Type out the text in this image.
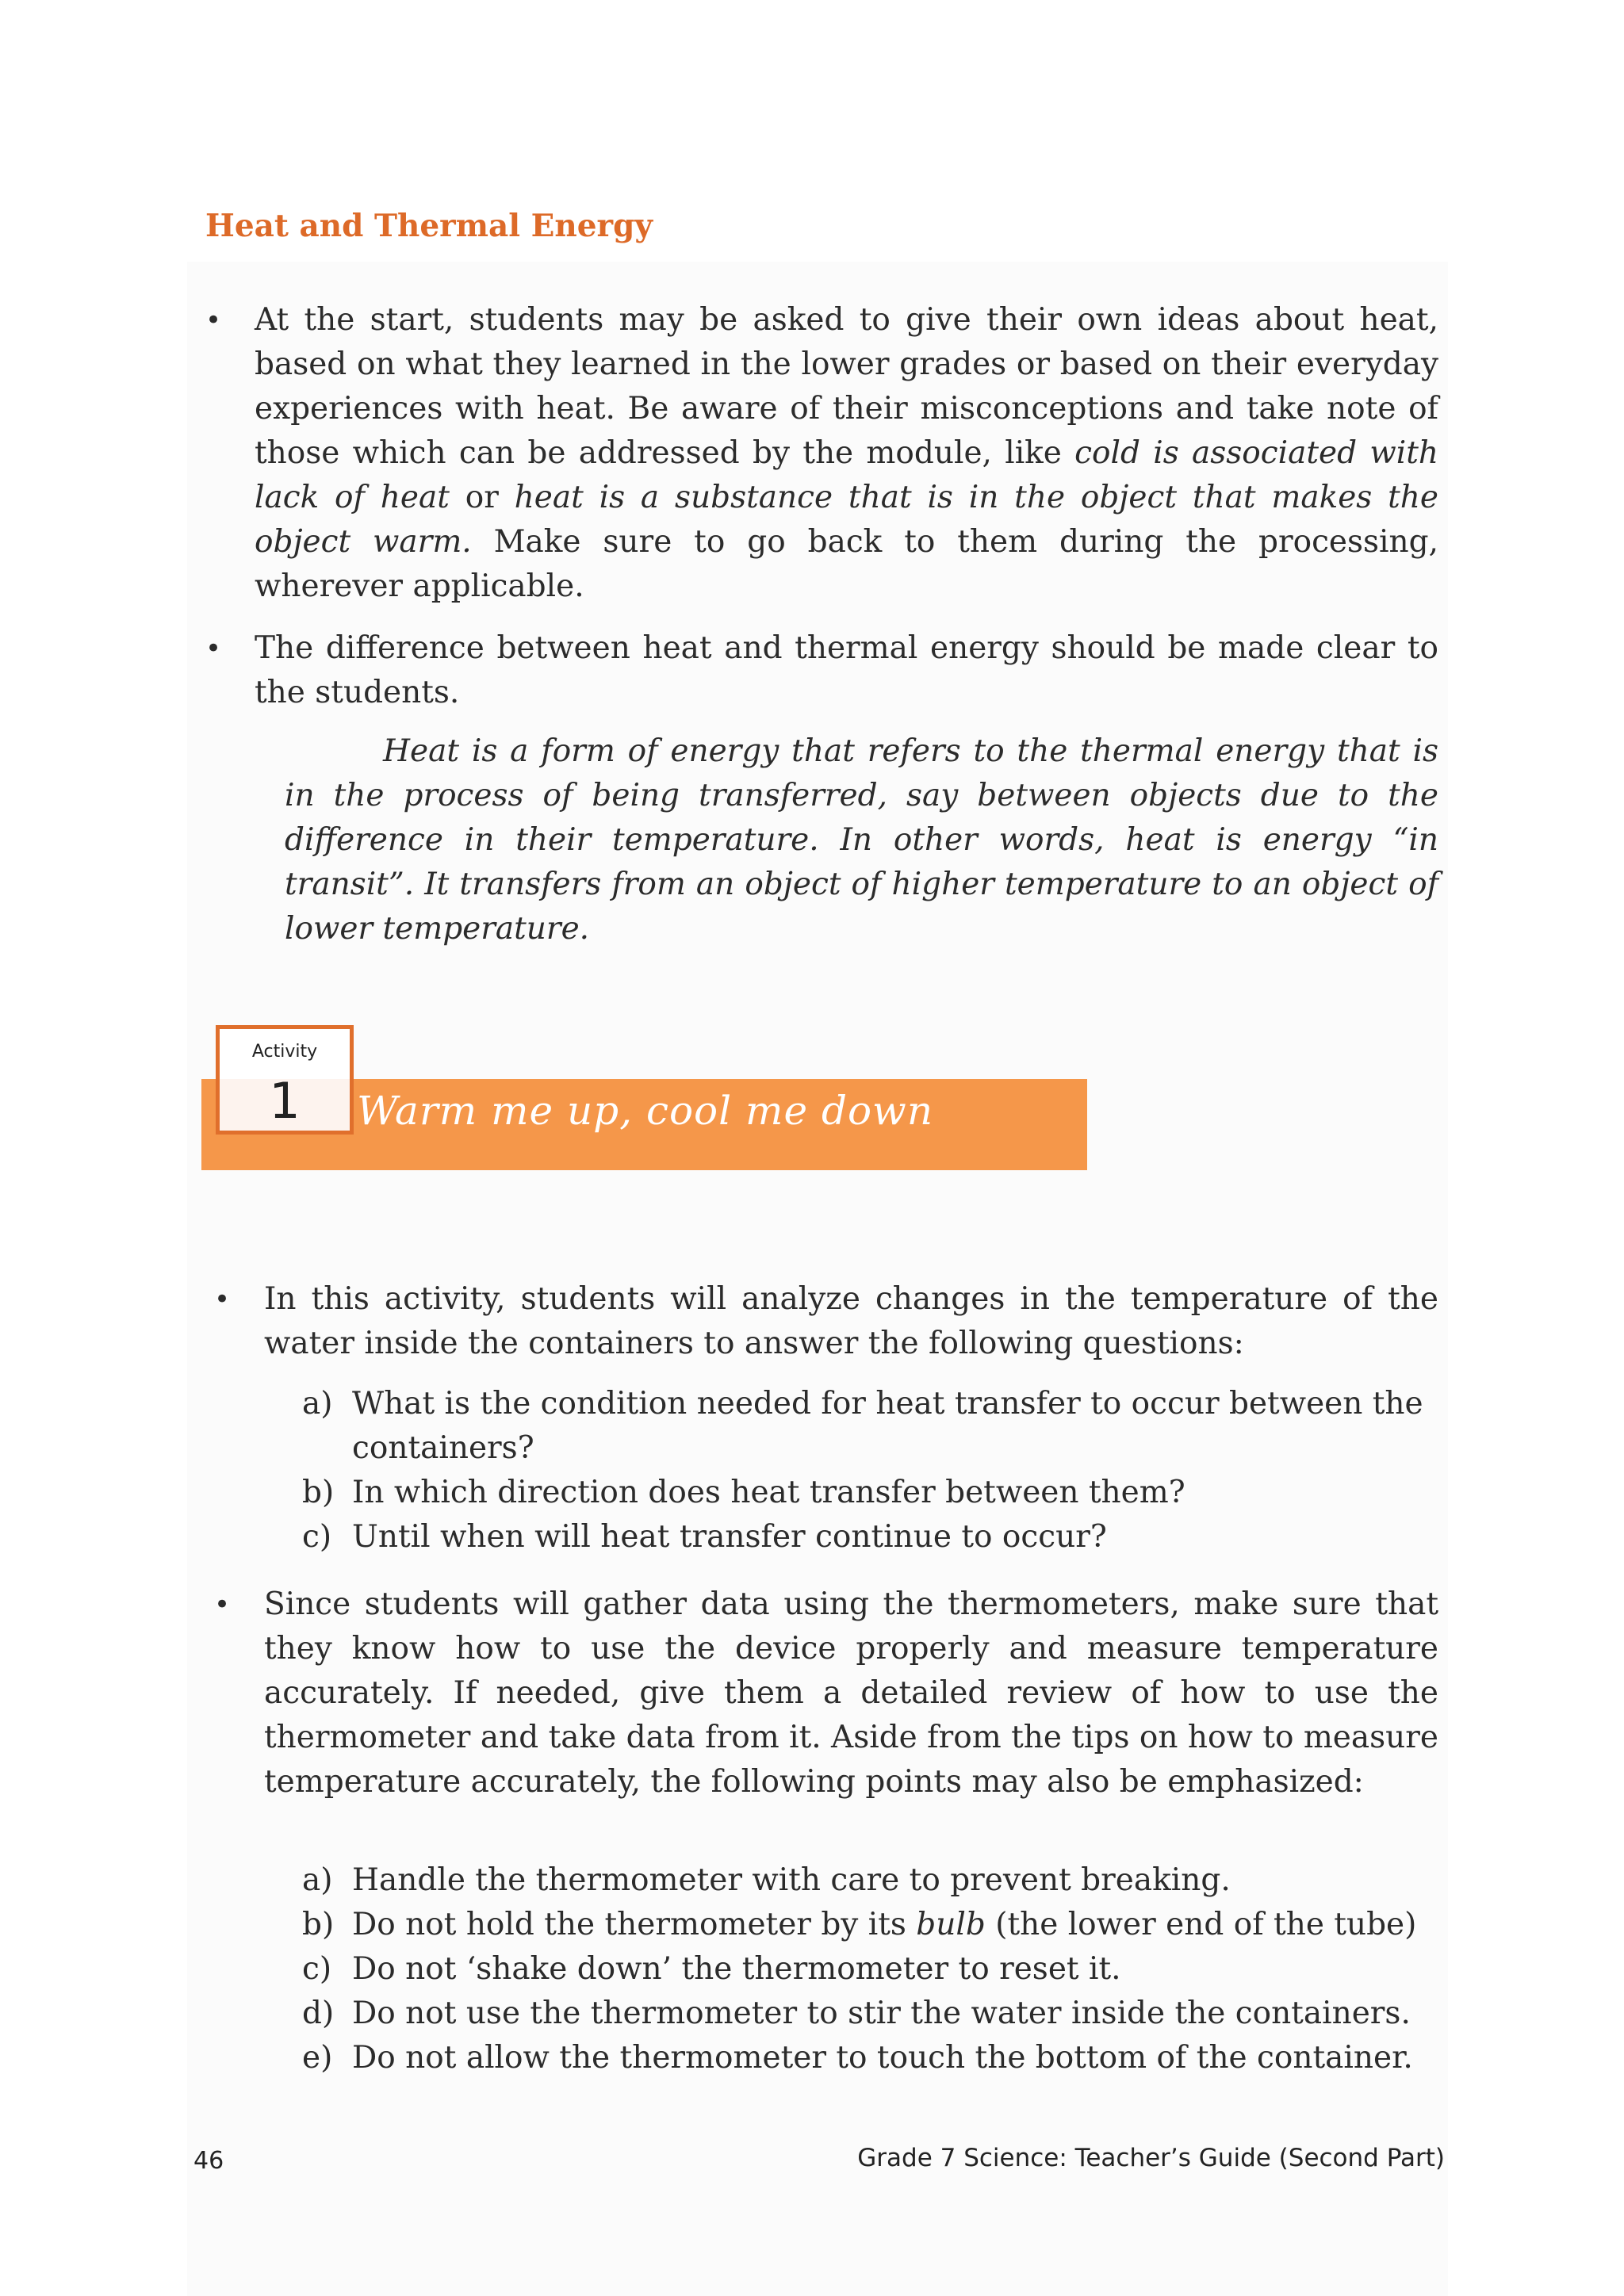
Heat and Thermal Energy
• At the start, students may be asked to give their own ideas about heat, based on what they learned in the lower grades or based on their everyday experiences with heat. Be aware of their misconceptions and take note of those which can be addressed by the module, like cold is associated with lack of heat or heat is a substance that is in the object that makes the object warm. Make sure to go back to them during the processing, wherever applicable.

• The difference between heat and thermal energy should be made clear to the students.

Heat is a form of energy that refers to the thermal energy that is in the process of being transferred, say between objects due to the difference in their temperature. In other words, heat is energy “in transit”. It transfers from an object of higher temperature to an object of lower temperature.
Activity
1	Warm me up, cool me down
• In this activity, students will analyze changes in the temperature of the water inside the containers to answer the following questions:

a) What is the condition needed for heat transfer to occur between the containers?
b) In which direction does heat transfer between them?
c) Until when will heat transfer continue to occur?
• Since students will gather data using the thermometers, make sure that they know how to use the device properly and measure temperature accurately. If needed, give them a detailed review of how to use the thermometer and take data from it. Aside from the tips on how to measure temperature accurately, the following points may also be emphasized:

a) Handle the thermometer with care to prevent breaking.
b) Do not hold the thermometer by its bulb (the lower end of the tube)
c) Do not ‘shake down’ the thermometer to reset it.
d) Do not use the thermometer to stir the water inside the containers.
e) Do not allow the thermometer to touch the bottom of the container.
46	Grade 7 Science: Teacher’s Guide (Second Part)
